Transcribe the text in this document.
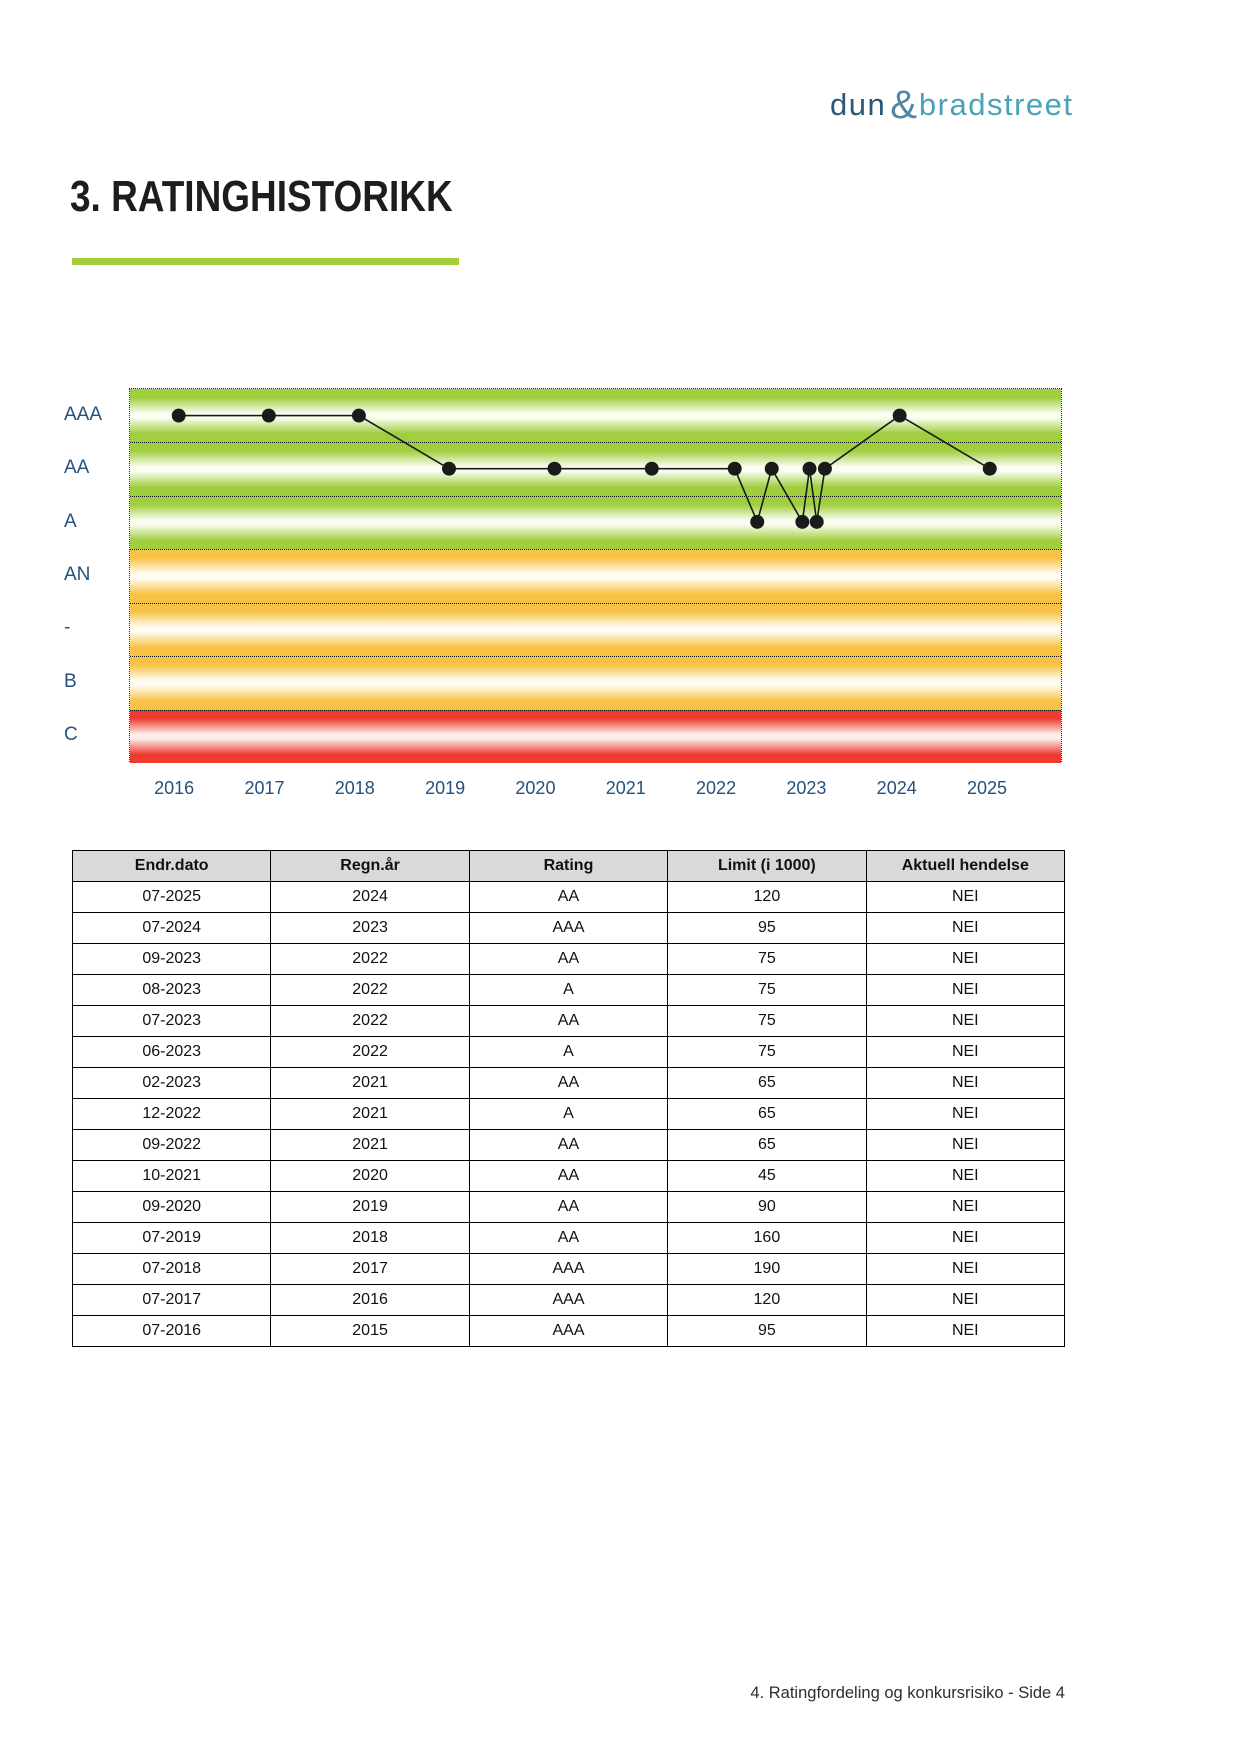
dun & bradstreet
3. RATINGHISTORIKK
AAA
AA
A
AN
-
B
C
2016	2017	2018	2019	2020	2021	2022	2023	2024	2025
Endr.dato	Regn.år	Rating	Limit (i 1000)	Aktuell hendelse
07-2025	2024	AA	120	NEI
07-2024	2023	AAA	95	NEI
09-2023	2022	AA	75	NEI
08-2023	2022	A	75	NEI
07-2023	2022	AA	75	NEI
06-2023	2022	A	75	NEI
02-2023	2021	AA	65	NEI
12-2022	2021	A	65	NEI
09-2022	2021	AA	65	NEI
10-2021	2020	AA	45	NEI
09-2020	2019	AA	90	NEI
07-2019	2018	AA	160	NEI
07-2018	2017	AAA	190	NEI
07-2017	2016	AAA	120	NEI
07-2016	2015	AAA	95	NEI
4. Ratingfordeling og konkursrisiko - Side 4
